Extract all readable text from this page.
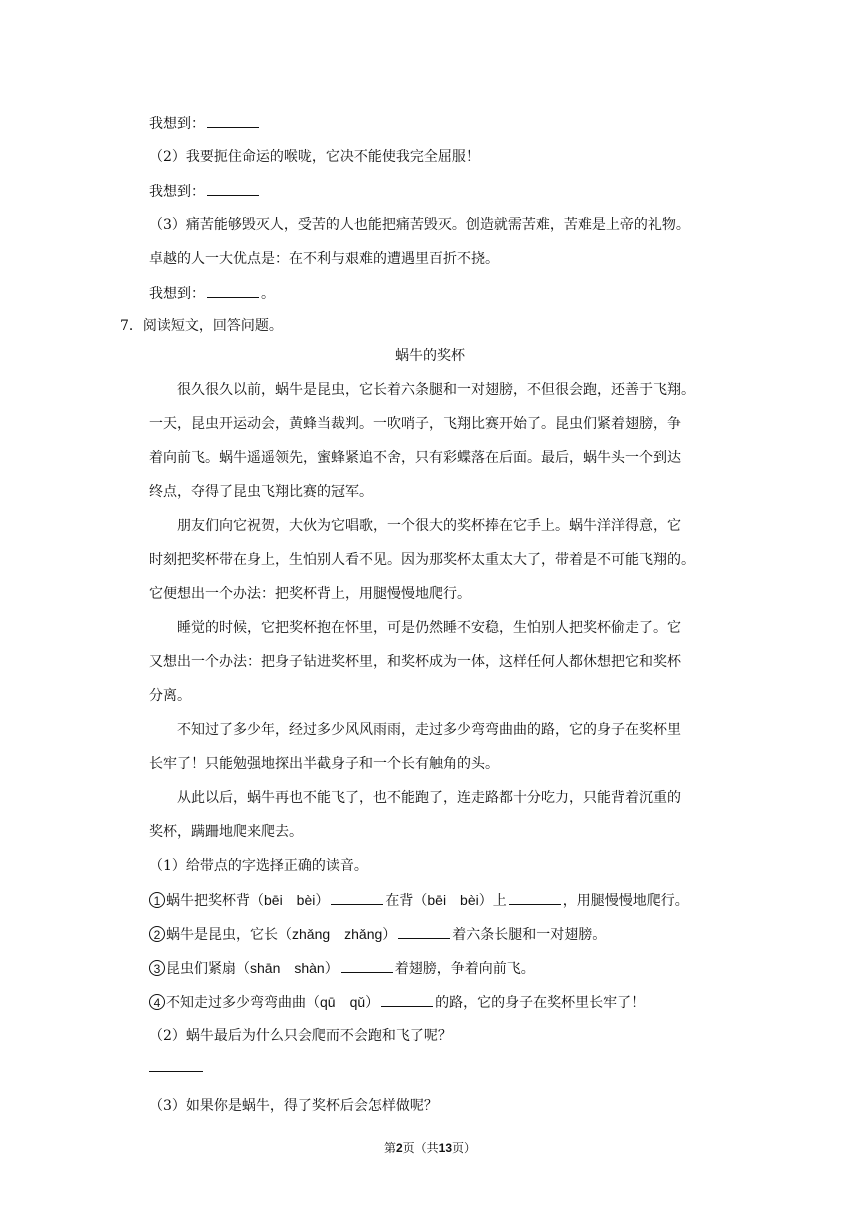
我想到：
（2）我要扼住命运的喉咙，它决不能使我完全屈服！
我想到：
（3）痛苦能够毁灭人，受苦的人也能把痛苦毁灭。创造就需苦难，苦难是上帝的礼物。
卓越的人一大优点是：在不利与艰难的遭遇里百折不挠。
我想到：	。
7．阅读短文，回答问题。
蜗牛的奖杯
很久很久以前，蜗牛是昆虫，它长着六条腿和一对翅膀，不但很会跑，还善于飞翔。
一天，昆虫开运动会，黄蜂当裁判。一吹哨子，飞翔比赛开始了。昆虫们紧着翅膀，争
着向前飞。蜗牛遥遥领先，蜜蜂紧追不舍，只有彩蝶落在后面。最后，蜗牛头一个到达
终点，夺得了昆虫飞翔比赛的冠军。
朋友们向它祝贺，大伙为它唱歌，一个很大的奖杯捧在它手上。蜗牛洋洋得意，它
时刻把奖杯带在身上，生怕别人看不见。因为那奖杯太重太大了，带着是不可能飞翔的。
它便想出一个办法：把奖杯背上，用腿慢慢地爬行。
睡觉的时候，它把奖杯抱在怀里，可是仍然睡不安稳，生怕别人把奖杯偷走了。它
又想出一个办法：把身子钻进奖杯里，和奖杯成为一体，这样任何人都休想把它和奖杯
分离。
不知过了多少年，经过多少风风雨雨，走过多少弯弯曲曲的路，它的身子在奖杯里
长牢了！只能勉强地探出半截身子和一个长有触角的头。
从此以后，蜗牛再也不能飞了，也不能跑了，连走路都十分吃力，只能背着沉重的
奖杯，蹒跚地爬来爬去。
（1）给带点的字选择正确的读音。
1 蜗牛把奖杯背（bēi　bèi）	在背（bēi　bèi）上	，用腿慢慢地爬行。
2 蜗牛是昆虫，它长（zhǎng　zhǎng）	着六条长腿和一对翅膀。
3 昆虫们紧扇（shān　shàn）	着翅膀，争着向前飞。
4 不知走过多少弯弯曲曲（qū　qǔ）	的路，它的身子在奖杯里长牢了！
（2）蜗牛最后为什么只会爬而不会跑和飞了呢？
（3）如果你是蜗牛，得了奖杯后会怎样做呢？
第2页（共13页）
